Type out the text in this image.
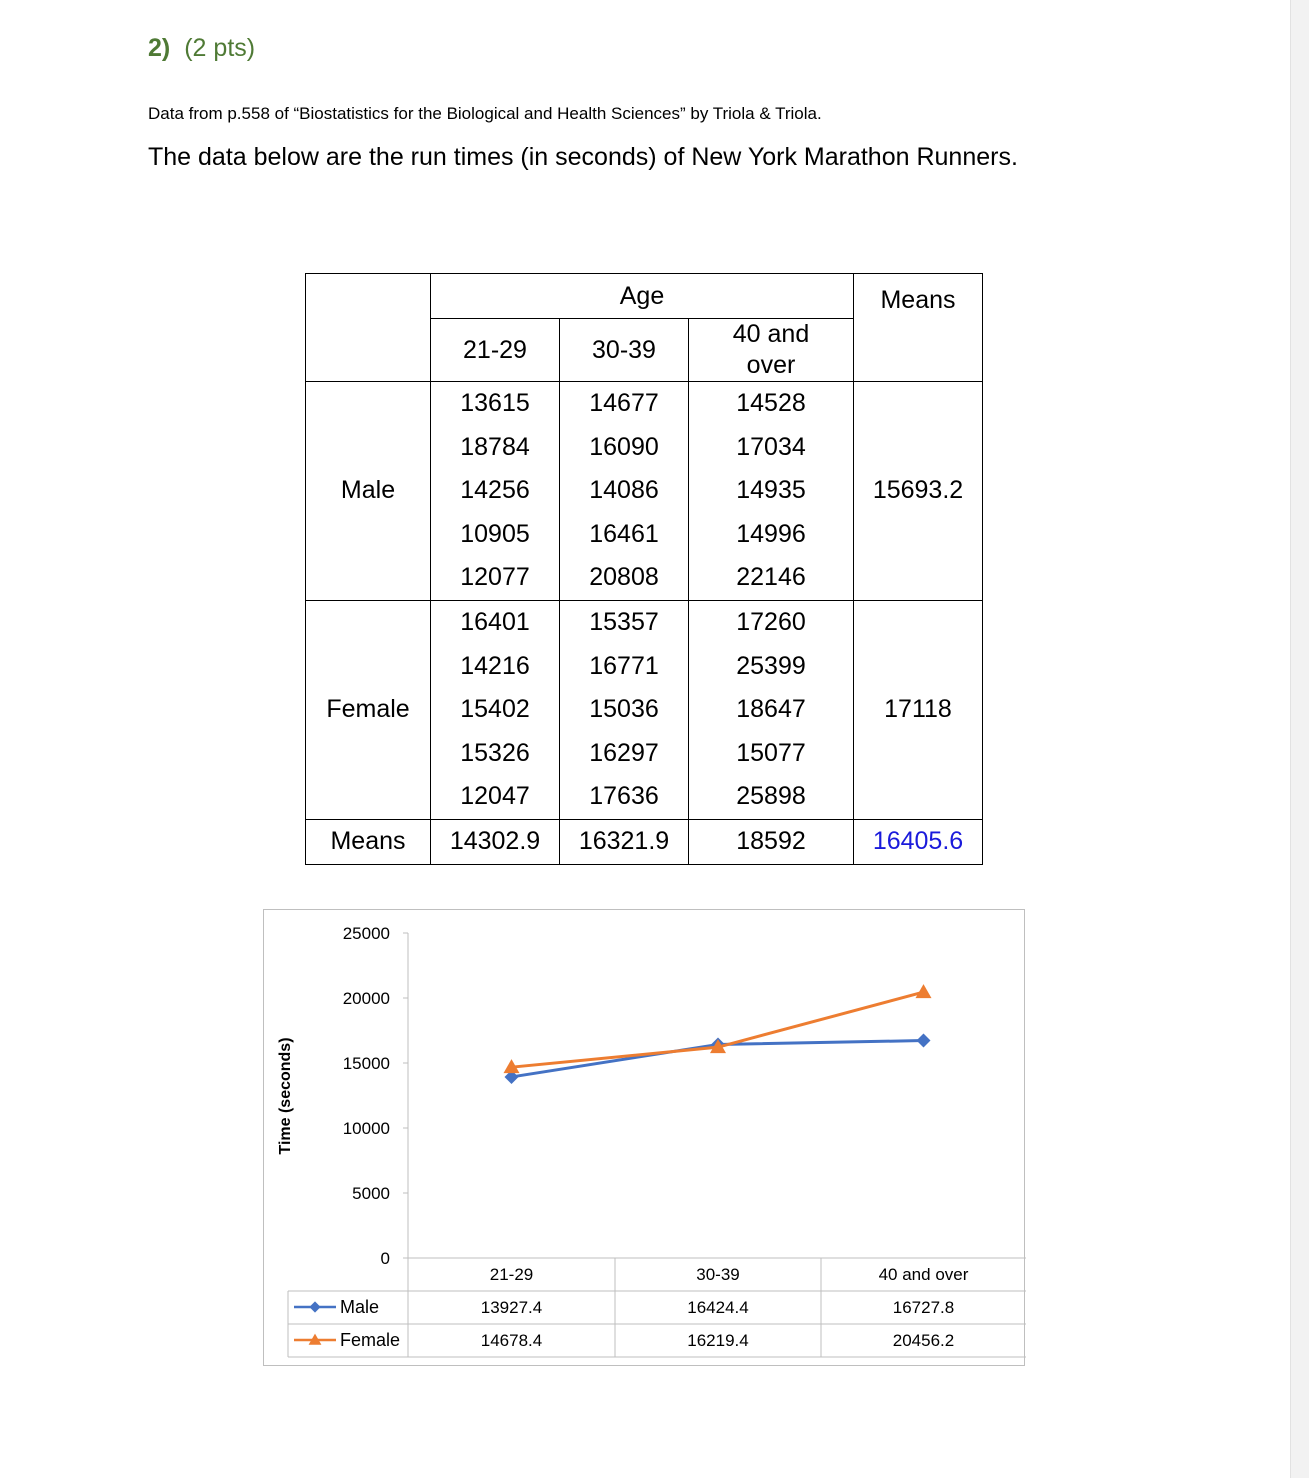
2) (2 pts)
Data from p.558 of “Biostatistics for the Biological and Health Sciences” by Triola & Triola.
The data below are the run times (in seconds) of New York Marathon Runners.
	Age			Means
	21-29	30-39	40 and over	
Male	13615	14677	14528	15693.2
	18784	16090	17034	
	14256	14086	14935	
	10905	16461	14996	
	12077	20808	22146	
Female	16401	15357	17260	17118
	14216	16771	25399	
	15402	15036	18647	
	15326	16297	15077	
	12047	17636	25898	
Means	14302.9	16321.9	18592	16405.6
0
5000
10000
15000
20000
25000
Time (seconds)
21-29	30-39	40 and over
Male	13927.4	16424.4	16727.8
Female	14678.4	16219.4	20456.2
